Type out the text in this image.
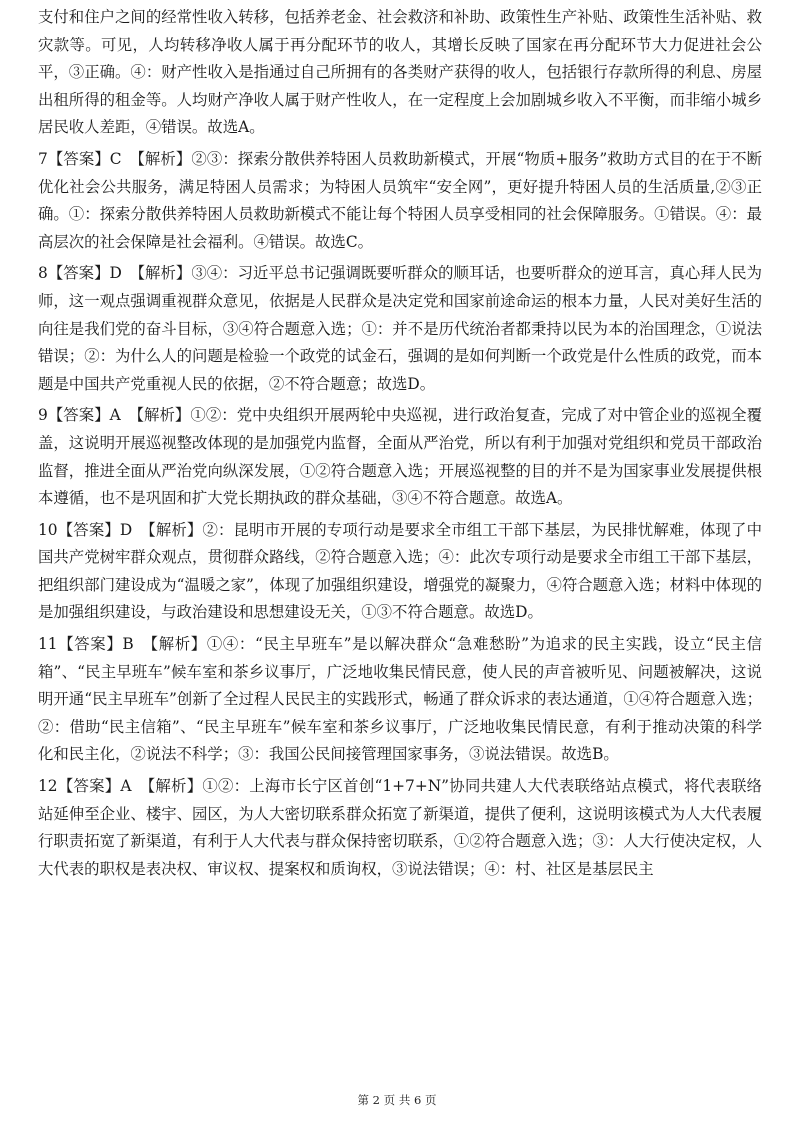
支付和住户之间的经常性收入转移，包括养老金、社会救济和补助、政策性生产补贴、政策性生活补贴、救灾款等。可见，人均转移净收人属于再分配环节的收人，其增长反映了国家在再分配环节大力促进社会公平，③正确。④：财产性收入是指通过自己所拥有的各类财产获得的收人，包括银行存款所得的利息、房屋出租所得的租金等。人均财产净收人属于财产性收人，在一定程度上会加剧城乡收入不平衡，而非缩小城乡居民收人差距，④错误。故选A。

7【答案】C　【解析】②③：探索分散供养特困人员救助新模式，开展“物质+服务”救助方式目的在于不断优化社会公共服务，满足特困人员需求；为特困人员筑牢“安全网”，更好提升特困人员的生活质量,②③正确。①：探索分散供养特困人员救助新模式不能让每个特困人员享受相同的社会保障服务。①错误。④：最高层次的社会保障是社会福利。④错误。故选C。

8【答案】D　【解析】③④：习近平总书记强调既要听群众的顺耳话，也要听群众的逆耳言，真心拜人民为师，这一观点强调重视群众意见，依据是人民群众是决定党和国家前途命运的根本力量，人民对美好生活的向往是我们党的奋斗目标，③④符合题意入选；①：并不是历代统治者都秉持以民为本的治国理念，①说法错误；②：为什么人的问题是检验一个政党的试金石，强调的是如何判断一个政党是什么性质的政党，而本题是中国共产党重视人民的依据，②不符合题意；故选D。

9【答案】A　【解析】①②：党中央组织开展两轮中央巡视，进行政治复查，完成了对中管企业的巡视全覆盖，这说明开展巡视整改体现的是加强党内监督，全面从严治党，所以有利于加强对党组织和党员干部政治监督，推进全面从严治党向纵深发展，①②符合题意入选；开展巡视整的目的并不是为国家事业发展提供根本遵循，也不是巩固和扩大党长期执政的群众基础，③④不符合题意。故选A。

10【答案】D　【解析】②：昆明市开展的专项行动是要求全市组工干部下基层，为民排忧解难，体现了中国共产党树牢群众观点，贯彻群众路线，②符合题意入选；④：此次专项行动是要求全市组工干部下基层，把组织部门建设成为“温暖之家”，体现了加强组织建设，增强党的凝聚力，④符合题意入选；材料中体现的是加强组织建设，与政治建设和思想建设无关，①③不符合题意。故选D。

11【答案】B　【解析】①④：“民主早班车”是以解决群众“急难愁盼”为追求的民主实践，设立“民主信箱”、“民主早班车”候车室和茶乡议事厅，广泛地收集民情民意，使人民的声音被听见、问题被解决，这说明开通“民主早班车”创新了全过程人民民主的实践形式，畅通了群众诉求的表达通道，①④符合题意入选；②：借助“民主信箱”、“民主早班车”候车室和茶乡议事厅，广泛地收集民情民意，有利于推动决策的科学化和民主化，②说法不科学；③：我国公民间接管理国家事务，③说法错误。故选B。

12【答案】A　【解析】①②：上海市长宁区首创“1+7+N”协同共建人大代表联络站点模式，将代表联络站延伸至企业、楼宇、园区，为人大密切联系群众拓宽了新渠道，提供了便利，这说明该模式为人大代表履行职责拓宽了新渠道，有利于人大代表与群众保持密切联系，①②符合题意入选；③：人大行使决定权，人大代表的职权是表决权、审议权、提案权和质询权，③说法错误；④：村、社区是基层民主

第 2 页 共 6 页
